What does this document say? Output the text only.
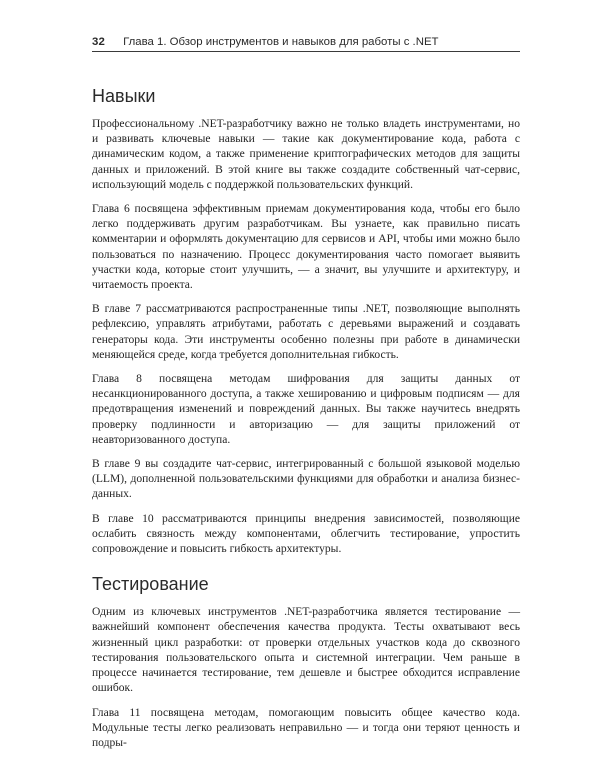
32 Глава 1. Обзор инструментов и навыков для работы с .NET
Навыки

Профессиональному .NET-разработчику важно не только владеть инструментами, но и развивать ключевые навыки — такие как документирование кода, работа с динамическим кодом, а также применение криптографических методов для защиты данных и приложений. В этой книге вы также создадите собственный чат-сервис, использующий модель с поддержкой пользовательских функций.

Глава 6 посвящена эффективным приемам документирования кода, чтобы его было легко поддерживать другим разработчикам. Вы узнаете, как правильно писать комментарии и оформлять документацию для сервисов и API, чтобы ими можно было пользоваться по назначению. Процесс документирования часто помогает выявить участки кода, которые стоит улучшить, — а значит, вы улучшите и архитектуру, и читаемость проекта.

В главе 7 рассматриваются распространенные типы .NET, позволяющие выполнять рефлексию, управлять атрибутами, работать с деревьями выражений и создавать генераторы кода. Эти инструменты особенно полезны при работе в динамически меняющейся среде, когда требуется дополнительная гибкость.

Глава 8 посвящена методам шифрования для защиты данных от несанкционированного доступа, а также хешированию и цифровым подписям — для предотвращения изменений и повреждений данных. Вы также научитесь внедрять проверку подлинности и авторизацию — для защиты приложений от неавторизованного доступа.

В главе 9 вы создадите чат-сервис, интегрированный с большой языковой моделью (LLM), дополненной пользовательскими функциями для обработки и анализа бизнес-данных.

В главе 10 рассматриваются принципы внедрения зависимостей, позволяющие ослабить связность между компонентами, облегчить тестирование, упростить сопровождение и повысить гибкость архитектуры.

Тестирование

Одним из ключевых инструментов .NET-разработчика является тестирование — важнейший компонент обеспечения качества продукта. Тесты охватывают весь жизненный цикл разработки: от проверки отдельных участков кода до сквозного тестирования пользовательского опыта и системной интеграции. Чем раньше в процессе начинается тестирование, тем дешевле и быстрее обходится исправление ошибок.

Глава 11 посвящена методам, помогающим повысить общее качество кода. Модульные тесты легко реализовать неправильно — и тогда они теряют ценность и подры-
